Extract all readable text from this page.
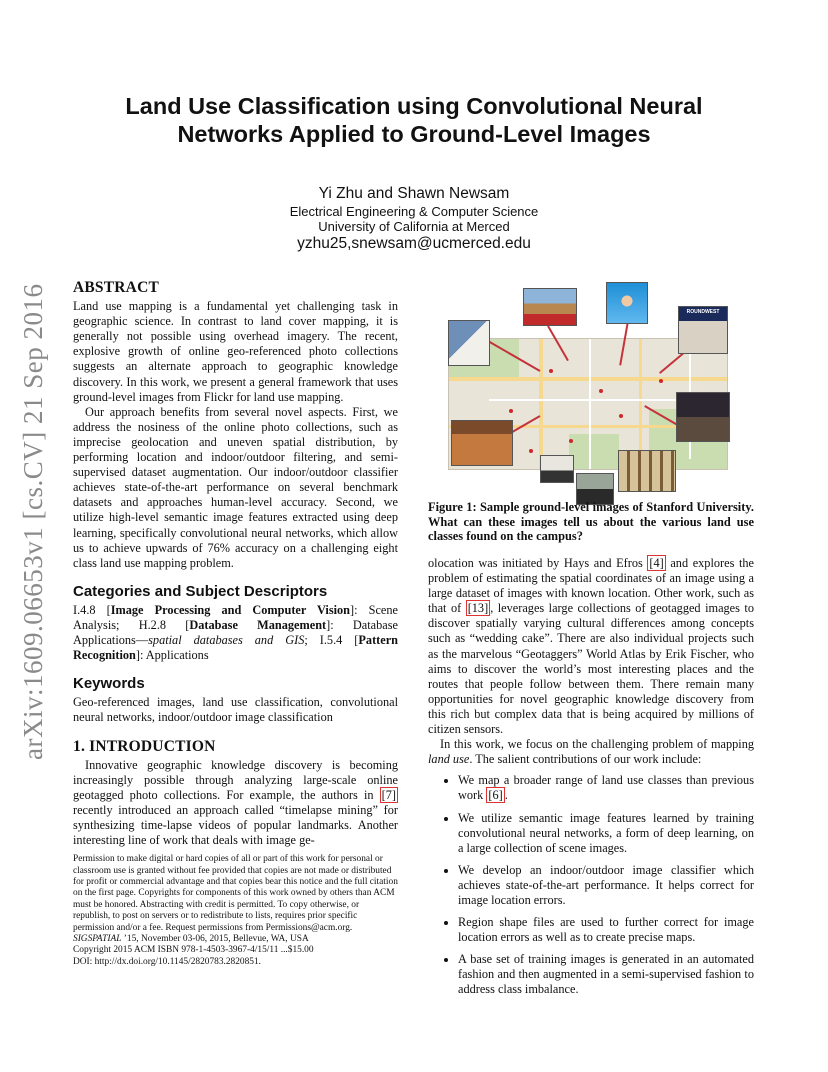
arXiv:1609.06653v1 [cs.CV] 21 Sep 2016
Land Use Classification using Convolutional Neural
Networks Applied to Ground-Level Images
Yi Zhu and Shawn Newsam
Electrical Engineering & Computer Science
University of California at Merced
yzhu25,snewsam@ucmerced.edu
ABSTRACT

Land use mapping is a fundamental yet challenging task in geographic science. In contrast to land cover mapping, it is generally not possible using overhead imagery. The recent, explosive growth of online geo-referenced photo collections suggests an alternate approach to geographic knowledge discovery. In this work, we present a general framework that uses ground-level images from Flickr for land use mapping.

Our approach benefits from several novel aspects. First, we address the nosiness of the online photo collections, such as imprecise geolocation and uneven spatial distribution, by performing location and indoor/outdoor filtering, and semi-supervised dataset augmentation. Our indoor/outdoor classifier achieves state-of-the-art performance on several benchmark datasets and approaches human-level accuracy. Second, we utilize high-level semantic image features extracted using deep learning, specifically convolutional neural networks, which allow us to achieve upwards of 76% accuracy on a challenging eight class land use mapping problem.

Categories and Subject Descriptors

I.4.8 [Image Processing and Computer Vision]: Scene Analysis; H.2.8 [Database Management]: Database Applications—spatial databases and GIS; I.5.4 [Pattern Recognition]: Applications

Keywords

Geo-referenced images, land use classification, convolutional neural networks, indoor/outdoor image classification

1. INTRODUCTION

Innovative geographic knowledge discovery is becoming increasingly possible through analyzing large-scale online geotagged photo collections. For example, the authors in [7] recently introduced an approach called “timelapse mining” for synthesizing time-lapse videos of popular landmarks. Another interesting line of work that deals with image ge-

Permission to make digital or hard copies of all or part of this work for personal or classroom use is granted without fee provided that copies are not made or distributed for profit or commercial advantage and that copies bear this notice and the full citation on the first page. Copyrights for components of this work owned by others than ACM must be honored. Abstracting with credit is permitted. To copy otherwise, or republish, to post on servers or to redistribute to lists, requires prior specific permission and/or a fee. Request permissions from Permissions@acm.org.

SIGSPATIAL ’15, November 03-06, 2015, Bellevue, WA, USA

Copyright 2015 ACM ISBN 978-1-4503-3967-4/15/11 ...$15.00

DOI: http://dx.doi.org/10.1145/2820783.2820851.

ROUNDWEST
Figure 1: Sample ground-level images of Stanford University. What can these images tell us about the various land use classes found on the campus?

olocation was initiated by Hays and Efros [4] and explores the problem of estimating the spatial coordinates of an image using a large dataset of images with known location. Other work, such as that of [13] , leverages large collections of geotagged images to discover spatially varying cultural differences among concepts such as “wedding cake”. There are also individual projects such as the marvelous “Geotaggers” World Atlas by Erik Fischer, who aims to discover the world’s most interesting places and the routes that people follow between them. There remain many opportunities for novel geographic knowledge discovery from this rich but complex data that is being acquired by millions of citizen sensors.

In this work, we focus on the challenging problem of mapping land use. The salient contributions of our work include:

• We map a broader range of land use classes than previous work [6] .
• We utilize semantic image features learned by training convolutional neural networks, a form of deep learning, on a large collection of scene images.
• We develop an indoor/outdoor image classifier which achieves state-of-the-art performance. It helps correct for image location errors.
• Region shape files are used to further correct for image location errors as well as to create precise maps.
• A base set of training images is generated in an automated fashion and then augmented in a semi-supervised fashion to address class imbalance.
